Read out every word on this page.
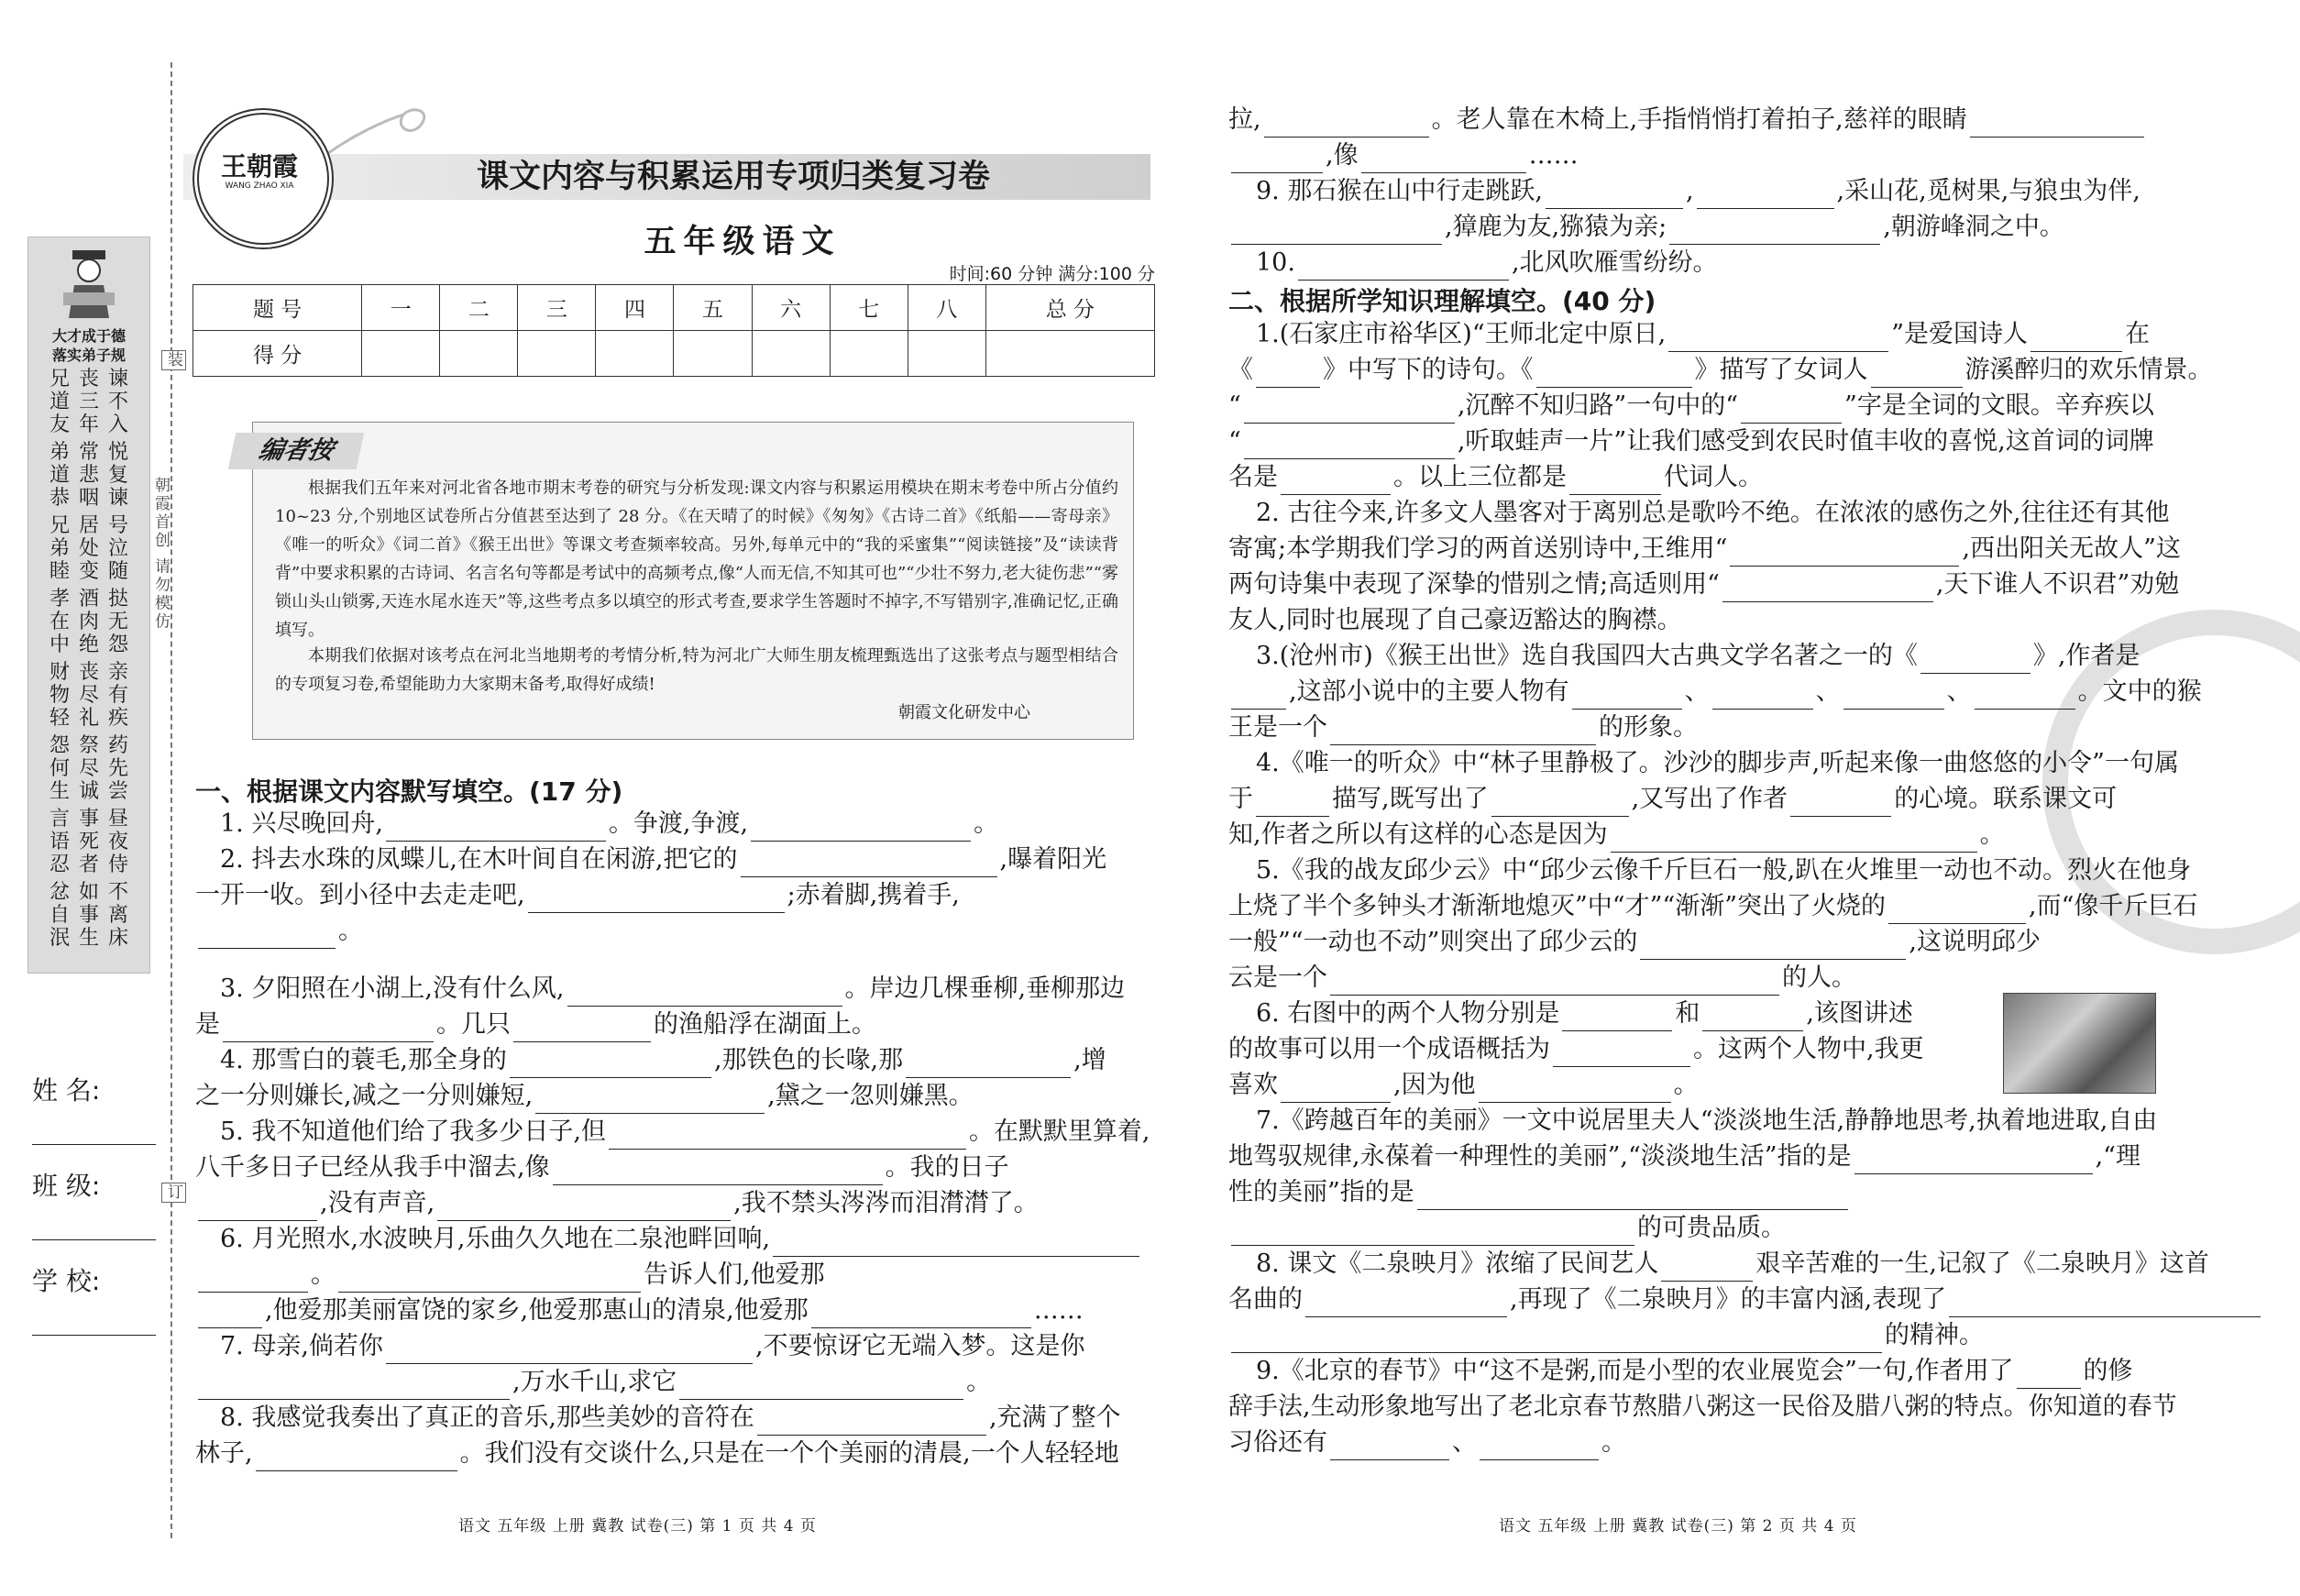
大才成于德
落实弟子规
兄道友
丧三年
谏不入
弟道恭
常悲咽
悦复谏
兄弟睦
居处变
号泣随
孝在中
酒肉绝
挞无怨
财物轻
丧尽礼
亲有疾
怨何生
祭尽诚
药先尝
言语忍
事死者
昼夜侍
忿自泯
如事生
不离床
姓 名:
班 级:
学 校:
朝霞首创 请勿模仿
装
订
王朝霞
WANG ZHAO XIA	课文内容与积累运用专项归类复习卷
五年级语文
时间:60 分钟 满分:100 分
题 号	一	二	三	四	五	六	七	八	总 分
得 分									
编者按
根据我们五年来对河北省各地市期末考卷的研究与分析发现:课文内容与积累运用模块在期末考卷中所占分值约 10~23 分,个别地区试卷所占分值甚至达到了 28 分。《在天晴了的时候》《匆匆》《古诗二首》《纸船——寄母亲》《唯一的听众》《词二首》《猴王出世》等课文考查频率较高。另外,每单元中的“我的采蜜集”“阅读链接”及“读读背背”中要求积累的古诗词、名言名句等都是考试中的高频考点,像“人而无信,不知其可也”“少壮不努力,老大徒伤悲”“雾锁山头山锁雾,天连水尾水连天”等,这些考点多以填空的形式考查,要求学生答题时不掉字,不写错别字,准确记忆,正确填写。
本期我们依据对该考点在河北当地期考的考情分析,特为河北广大师生朋友梳理甄选出了这张考点与题型相结合的专项复习卷,希望能助力大家期末备考,取得好成绩!
朝霞文化研发中心
一、根据课文内容默写填空。(17 分)
1. 兴尽晚回舟,	。争渡,争渡,	。
2. 抖去水珠的凤蝶儿,在木叶间自在闲游,把它的	,曝着阳光
一开一收。到小径中去走走吧,	;赤着脚,携着手,
。
3. 夕阳照在小湖上,没有什么风,	。岸边几棵垂柳,垂柳那边
是	。几只	的渔船浮在湖面上。
4. 那雪白的蓑毛,那全身的	,那铁色的长喙,那	,增
之一分则嫌长,减之一分则嫌短,	,黛之一忽则嫌黑。
5. 我不知道他们给了我多少日子,但	。在默默里算着,
八千多日子已经从我手中溜去,像	。我的日子
,没有声音,	,我不禁头涔涔而泪潸潸了。
6. 月光照水,水波映月,乐曲久久地在二泉池畔回响,
。	告诉人们,他爱那
,他爱那美丽富饶的家乡,他爱那惠山的清泉,他爱那	……
7. 母亲,倘若你	,不要惊讶它无端入梦。这是你
,万水千山,求它	。
8. 我感觉我奏出了真正的音乐,那些美妙的音符在	,充满了整个
林子,	。我们没有交谈什么,只是在一个个美丽的清晨,一个人轻轻地
语文 五年级 上册 冀教 试卷(三) 第 1 页 共 4 页
拉,	。老人靠在木椅上,手指悄悄打着拍子,慈祥的眼睛
,像	……
9. 那石猴在山中行走跳跃,	,	,采山花,觅树果,与狼虫为伴,
,獐鹿为友,猕猿为亲;	,朝游峰洞之中。
10.	,北风吹雁雪纷纷。
二、根据所学知识理解填空。(40 分)
1.(石家庄市裕华区)“王师北定中原日,	”是爱国诗人	在
《	》中写下的诗句。《	》描写了女词人	游溪醉归的欢乐情景。
“	,沉醉不知归路”一句中的“	”字是全词的文眼。辛弃疾以
“	,听取蛙声一片”让我们感受到农民时值丰收的喜悦,这首词的词牌
名是	。以上三位都是	代词人。
2. 古往今来,许多文人墨客对于离别总是歌吟不绝。在浓浓的感伤之外,往往还有其他
寄寓;本学期我们学习的两首送别诗中,王维用“	,西出阳关无故人”这
两句诗集中表现了深挚的惜别之情;高适则用“	,天下谁人不识君”劝勉
友人,同时也展现了自己豪迈豁达的胸襟。
3.(沧州市)《猴王出世》选自我国四大古典文学名著之一的《	》,作者是
,这部小说中的主要人物有	、	、	、	。文中的猴
王是一个	的形象。
4.《唯一的听众》中“林子里静极了。沙沙的脚步声,听起来像一曲悠悠的小令”一句属
于	描写,既写出了	,又写出了作者	的心境。联系课文可
知,作者之所以有这样的心态是因为	。
5.《我的战友邱少云》中“邱少云像千斤巨石一般,趴在火堆里一动也不动。烈火在他身
上烧了半个多钟头才渐渐地熄灭”中“才”“渐渐”突出了火烧的	,而“像千斤巨石
一般”“一动也不动”则突出了邱少云的	,这说明邱少
云是一个	的人。
6. 右图中的两个人物分别是	和	,该图讲述
的故事可以用一个成语概括为	。这两个人物中,我更
喜欢	,因为他	。
7.《跨越百年的美丽》一文中说居里夫人“淡淡地生活,静静地思考,执着地进取,自由
地驾驭规律,永葆着一种理性的美丽”,“淡淡地生活”指的是	,“理
性的美丽”指的是
的可贵品质。
8. 课文《二泉映月》浓缩了民间艺人	艰辛苦难的一生,记叙了《二泉映月》这首
名曲的	,再现了《二泉映月》的丰富内涵,表现了
的精神。
9.《北京的春节》中“这不是粥,而是小型的农业展览会”一句,作者用了	的修
辞手法,生动形象地写出了老北京春节熬腊八粥这一民俗及腊八粥的特点。你知道的春节
习俗还有	、	。
语文 五年级 上册 冀教 试卷(三) 第 2 页 共 4 页
